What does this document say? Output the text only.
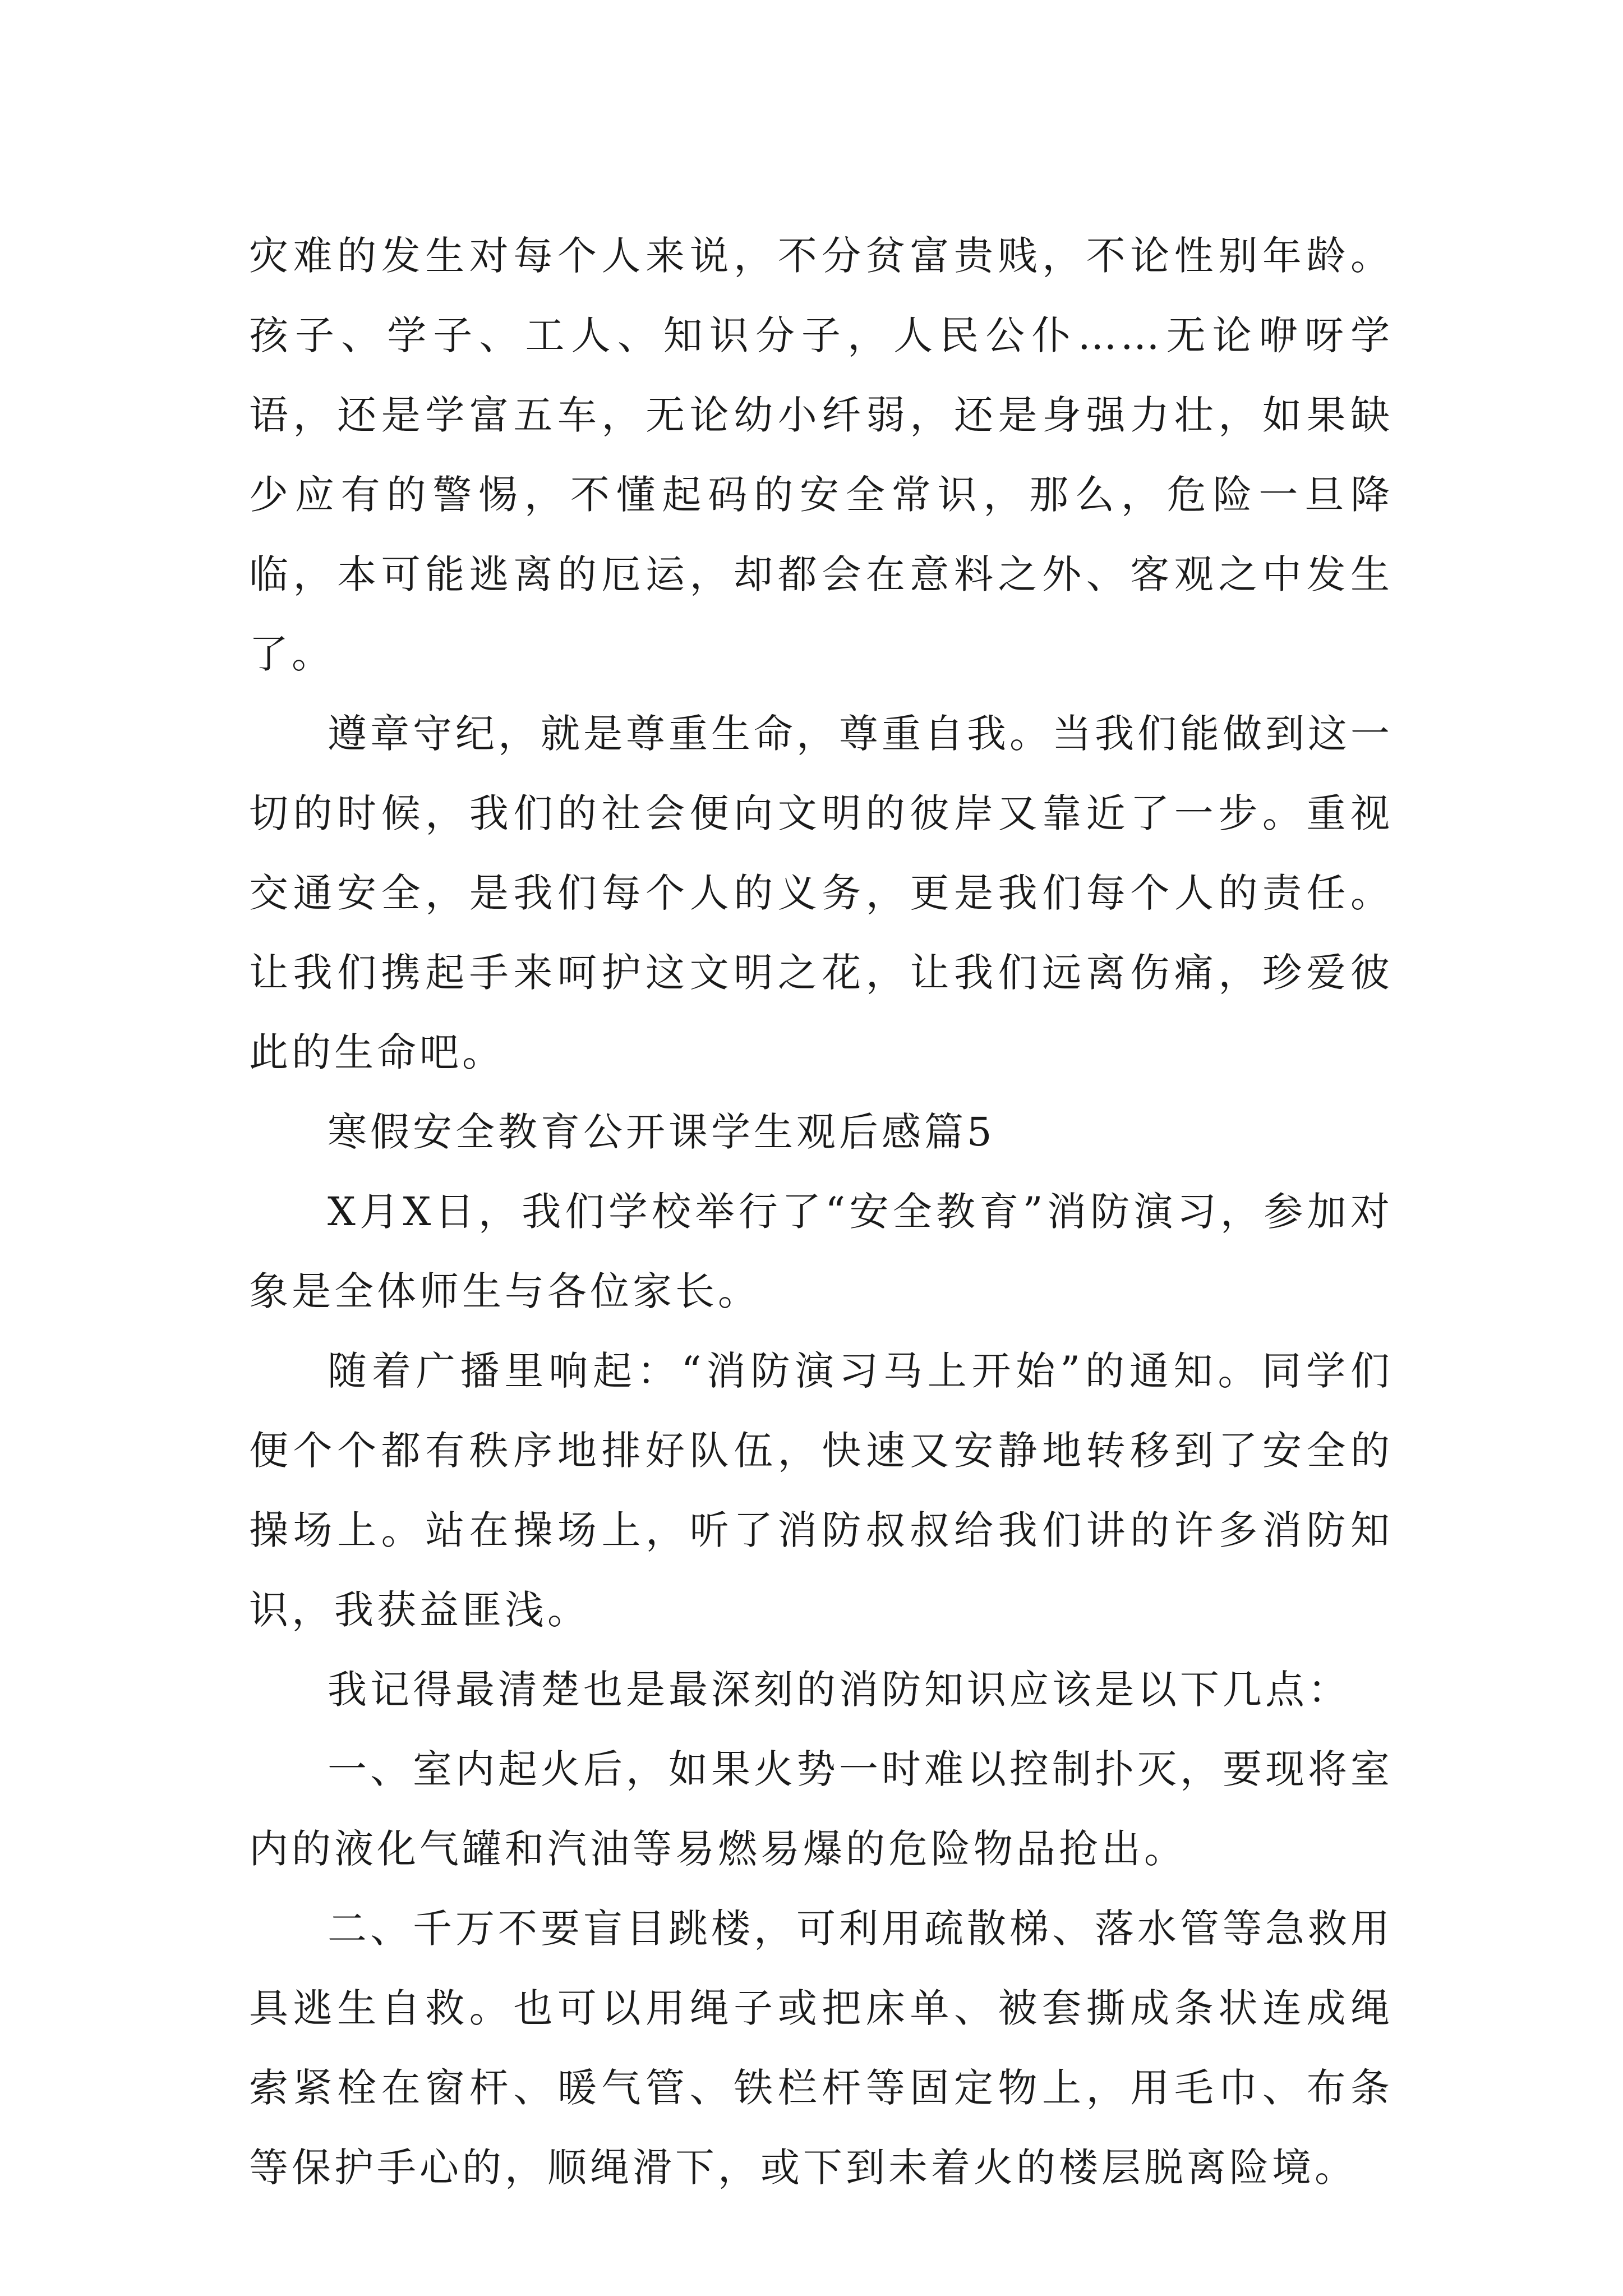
灾难的发生对每个人来说，不分贫富贵贱，不论性别年龄。孩子、学子、工人、知识分子，人民公仆……无论咿呀学语，还是学富五车，无论幼小纤弱，还是身强力壮，如果缺少应有的警惕，不懂起码的安全常识，那么，危险一旦降临，本可能逃离的厄运，却都会在意料之外、客观之中发生了。

遵章守纪，就是尊重生命，尊重自我。当我们能做到这一切的时候，我们的社会便向文明的彼岸又靠近了一步。重视交通安全，是我们每个人的义务，更是我们每个人的责任。让我们携起手来呵护这文明之花，让我们远离伤痛，珍爱彼此的生命吧。

寒假安全教育公开课学生观后感篇5

X月X日，我们学校举行了“安全教育”消防演习，参加对象是全体师生与各位家长。

随着广播里响起：“消防演习马上开始”的通知。同学们便个个都有秩序地排好队伍，快速又安静地转移到了安全的操场上。站在操场上，听了消防叔叔给我们讲的许多消防知识，我获益匪浅。

我记得最清楚也是最深刻的消防知识应该是以下几点：

一、室内起火后，如果火势一时难以控制扑灭，要现将室内的液化气罐和汽油等易燃易爆的危险物品抢出。

二、千万不要盲目跳楼，可利用疏散梯、落水管等急救用具逃生自救。也可以用绳子或把床单、被套撕成条状连成绳索紧栓在窗杆、暖气管、铁栏杆等固定物上，用毛巾、布条等保护手心的，顺绳滑下，或下到未着火的楼层脱离险境。
